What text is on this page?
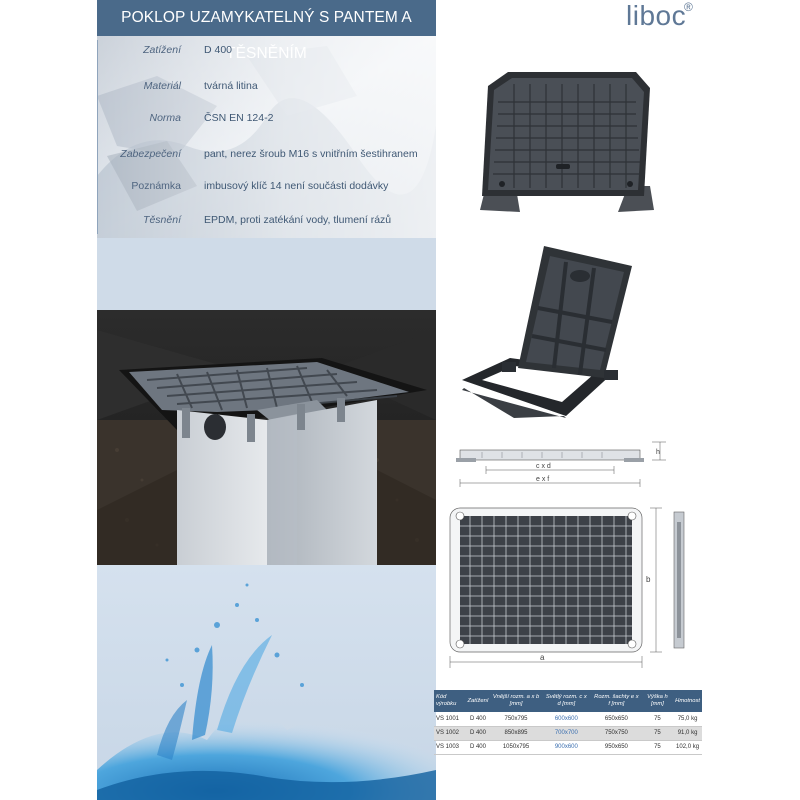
POKLOP UZAMYKATELNÝ S PANTEM A TĚSNĚNÍM
Zatížení D 400
Materiál tvárná litina
Norma ČSN EN 124-2
Zabezpečení pant, nerez šroub M16 s vnitřním šestihranem
Poznámka imbusový klíč 14 není součásti dodávky
Těsnění EPDM, proti zatékání vody, tlumení rázů
liboc
®
h
c x d
e x f
a
b
Kód výrobku	Zatížení	Vnější rozm. a x b [mm]	Světlý rozm. c x d [mm]	Rozm. šachty e x f [mm]	Výška h [mm]	Hmotnost
VS 1001	D 400	750x795	600x600	650x650	75	75,0 kg
VS 1002	D 400	850x895	700x700	750x750	75	91,0 kg
VS 1003	D 400	1050x795	900x600	950x650	75	102,0 kg
